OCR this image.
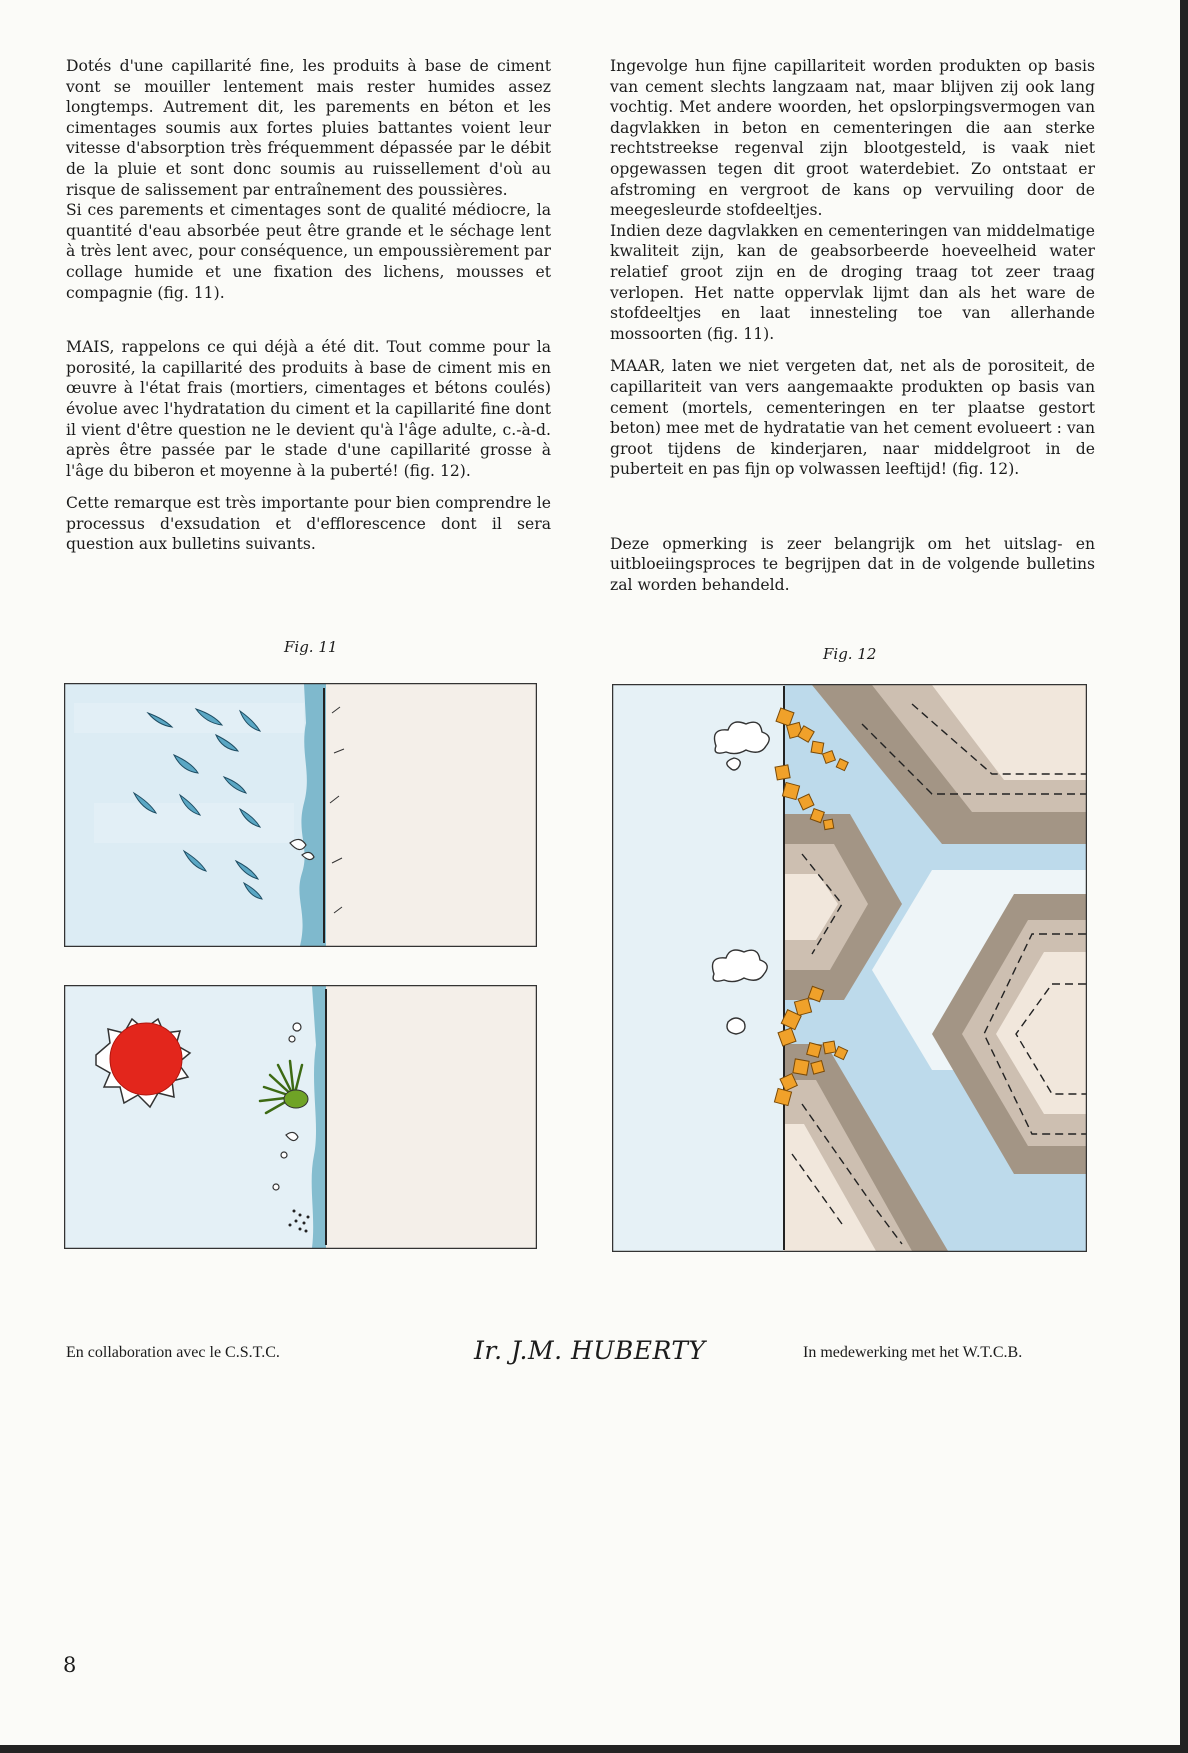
Dotés d'une capillarité fine, les produits à base de ciment vont se mouiller lentement mais rester humides assez longtemps. Autrement dit, les parements en béton et les cimentages soumis aux fortes pluies battantes voient leur vitesse d'absorption très fréquemment dépassée par le débit de la pluie et sont donc soumis au ruissellement d'où au risque de salissement par entraînement des poussières.

Si ces parements et cimentages sont de qualité médiocre, la quantité d'eau absorbée peut être grande et le séchage lent à très lent avec, pour conséquence, un empoussièrement par collage humide et une fixation des lichens, mousses et compagnie (fig. 11).

MAIS, rappelons ce qui déjà a été dit. Tout comme pour la porosité, la capillarité des produits à base de ciment mis en œuvre à l'état frais (mortiers, cimentages et bétons coulés) évolue avec l'hydratation du ciment et la capillarité fine dont il vient d'être question ne le devient qu'à l'âge adulte, c.-à-d. après être passée par le stade d'une capillarité grosse à l'âge du biberon et moyenne à la puberté! (fig. 12).

Cette remarque est très importante pour bien comprendre le processus d'exsudation et d'efflorescence dont il sera question aux bulletins suivants.

Ingevolge hun fijne capillariteit worden produkten op basis van cement slechts langzaam nat, maar blijven zij ook lang vochtig. Met andere woorden, het opslorpingsvermogen van dagvlakken in beton en cementeringen die aan sterke rechtstreekse regenval zijn blootgesteld, is vaak niet opgewassen tegen dit groot waterdebiet. Zo ontstaat er afstroming en vergroot de kans op vervuiling door de meegesleurde stofdeeltjes.

Indien deze dagvlakken en cementeringen van middelmatige kwaliteit zijn, kan de geabsorbeerde hoeveelheid water relatief groot zijn en de droging traag tot zeer traag verlopen. Het natte oppervlak lijmt dan als het ware de stofdeeltjes en laat innesteling toe van allerhande mossoorten (fig. 11).

MAAR, laten we niet vergeten dat, net als de porositeit, de capillariteit van vers aangemaakte produkten op basis van cement (mortels, cementeringen en ter plaatse gestort beton) mee met de hydratatie van het cement evolueert : van groot tijdens de kinderjaren, naar middelgroot in de puberteit en pas fijn op volwassen leeftijd! (fig. 12).

Deze opmerking is zeer belangrijk om het uitslag- en uitbloeiingsproces te begrijpen dat in de volgende bulletins zal worden behandeld.

Fig. 11	Fig. 12
En collaboration avec le C.S.T.C.	Ir. J.M. HUBERTY	In medewerking met het W.T.C.B.
8
